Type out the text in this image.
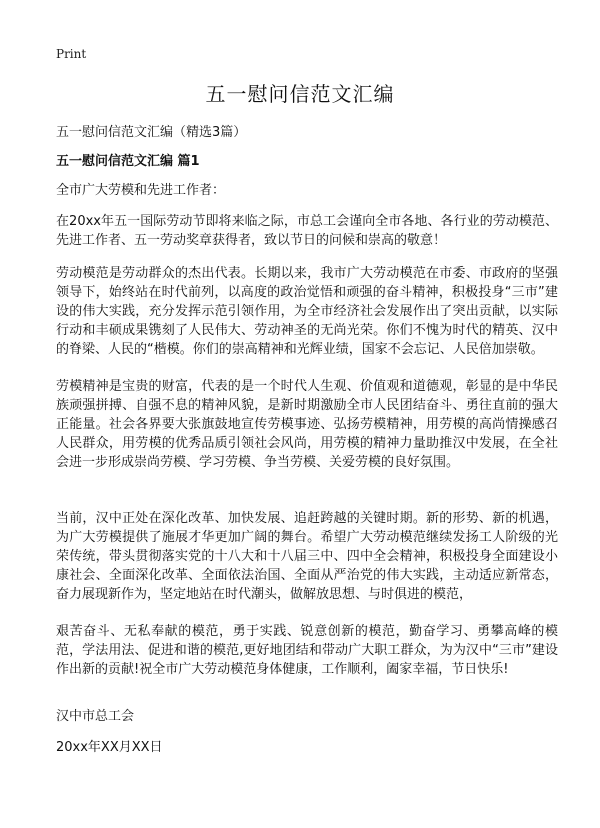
Print
五一慰问信范文汇编

五一慰问信范文汇编（精选3篇）

五一慰问信范文汇编 篇1

全市广大劳模和先进工作者：

在20xx年五一国际劳动节即将来临之际，市总工会谨向全市各地、各行业的劳动模范、先进工作者、五一劳动奖章获得者，致以节日的问候和崇高的敬意！

劳动模范是劳动群众的杰出代表。长期以来，我市广大劳动模范在市委、市政府的坚强领导下，始终站在时代前列，以高度的政治觉悟和顽强的奋斗精神，积极投身“三市”建设的伟大实践，充分发挥示范引领作用，为全市经济社会发展作出了突出贡献，以实际行动和丰硕成果镌刻了人民伟大、劳动神圣的无尚光荣。你们不愧为时代的精英、汉中的脊梁、人民的“楷模。你们的崇高精神和光辉业绩，国家不会忘记、人民倍加崇敬。

劳模精神是宝贵的财富，代表的是一个时代人生观、价值观和道德观，彰显的是中华民族顽强拼搏、自强不息的精神风貌，是新时期激励全市人民团结奋斗、勇往直前的强大正能量。社会各界要大张旗鼓地宣传劳模事迹、弘扬劳模精神，用劳模的高尚情操感召人民群众，用劳模的优秀品质引领社会风尚，用劳模的精神力量助推汉中发展，在全社会进一步形成崇尚劳模、学习劳模、争当劳模、关爱劳模的良好氛围。

当前，汉中正处在深化改革、加快发展、追赶跨越的关键时期。新的形势、新的机遇，为广大劳模提供了施展才华更加广阔的舞台。希望广大劳动模范继续发扬工人阶级的光荣传统，带头贯彻落实党的十八大和十八届三中、四中全会精神，积极投身全面建设小康社会、全面深化改革、全面依法治国、全面从严治党的伟大实践，主动适应新常态，奋力展现新作为，坚定地站在时代潮头，做解放思想、与时俱进的模范，

艰苦奋斗、无私奉献的模范，勇于实践、锐意创新的模范，勤奋学习、勇攀高峰的模范，学法用法、促进和谐的模范,更好地团结和带动广大职工群众，为为汉中“三市”建设作出新的贡献!祝全市广大劳动模范身体健康，工作顺利，阖家幸福，节日快乐!

汉中市总工会

20xx年XX月XX日
